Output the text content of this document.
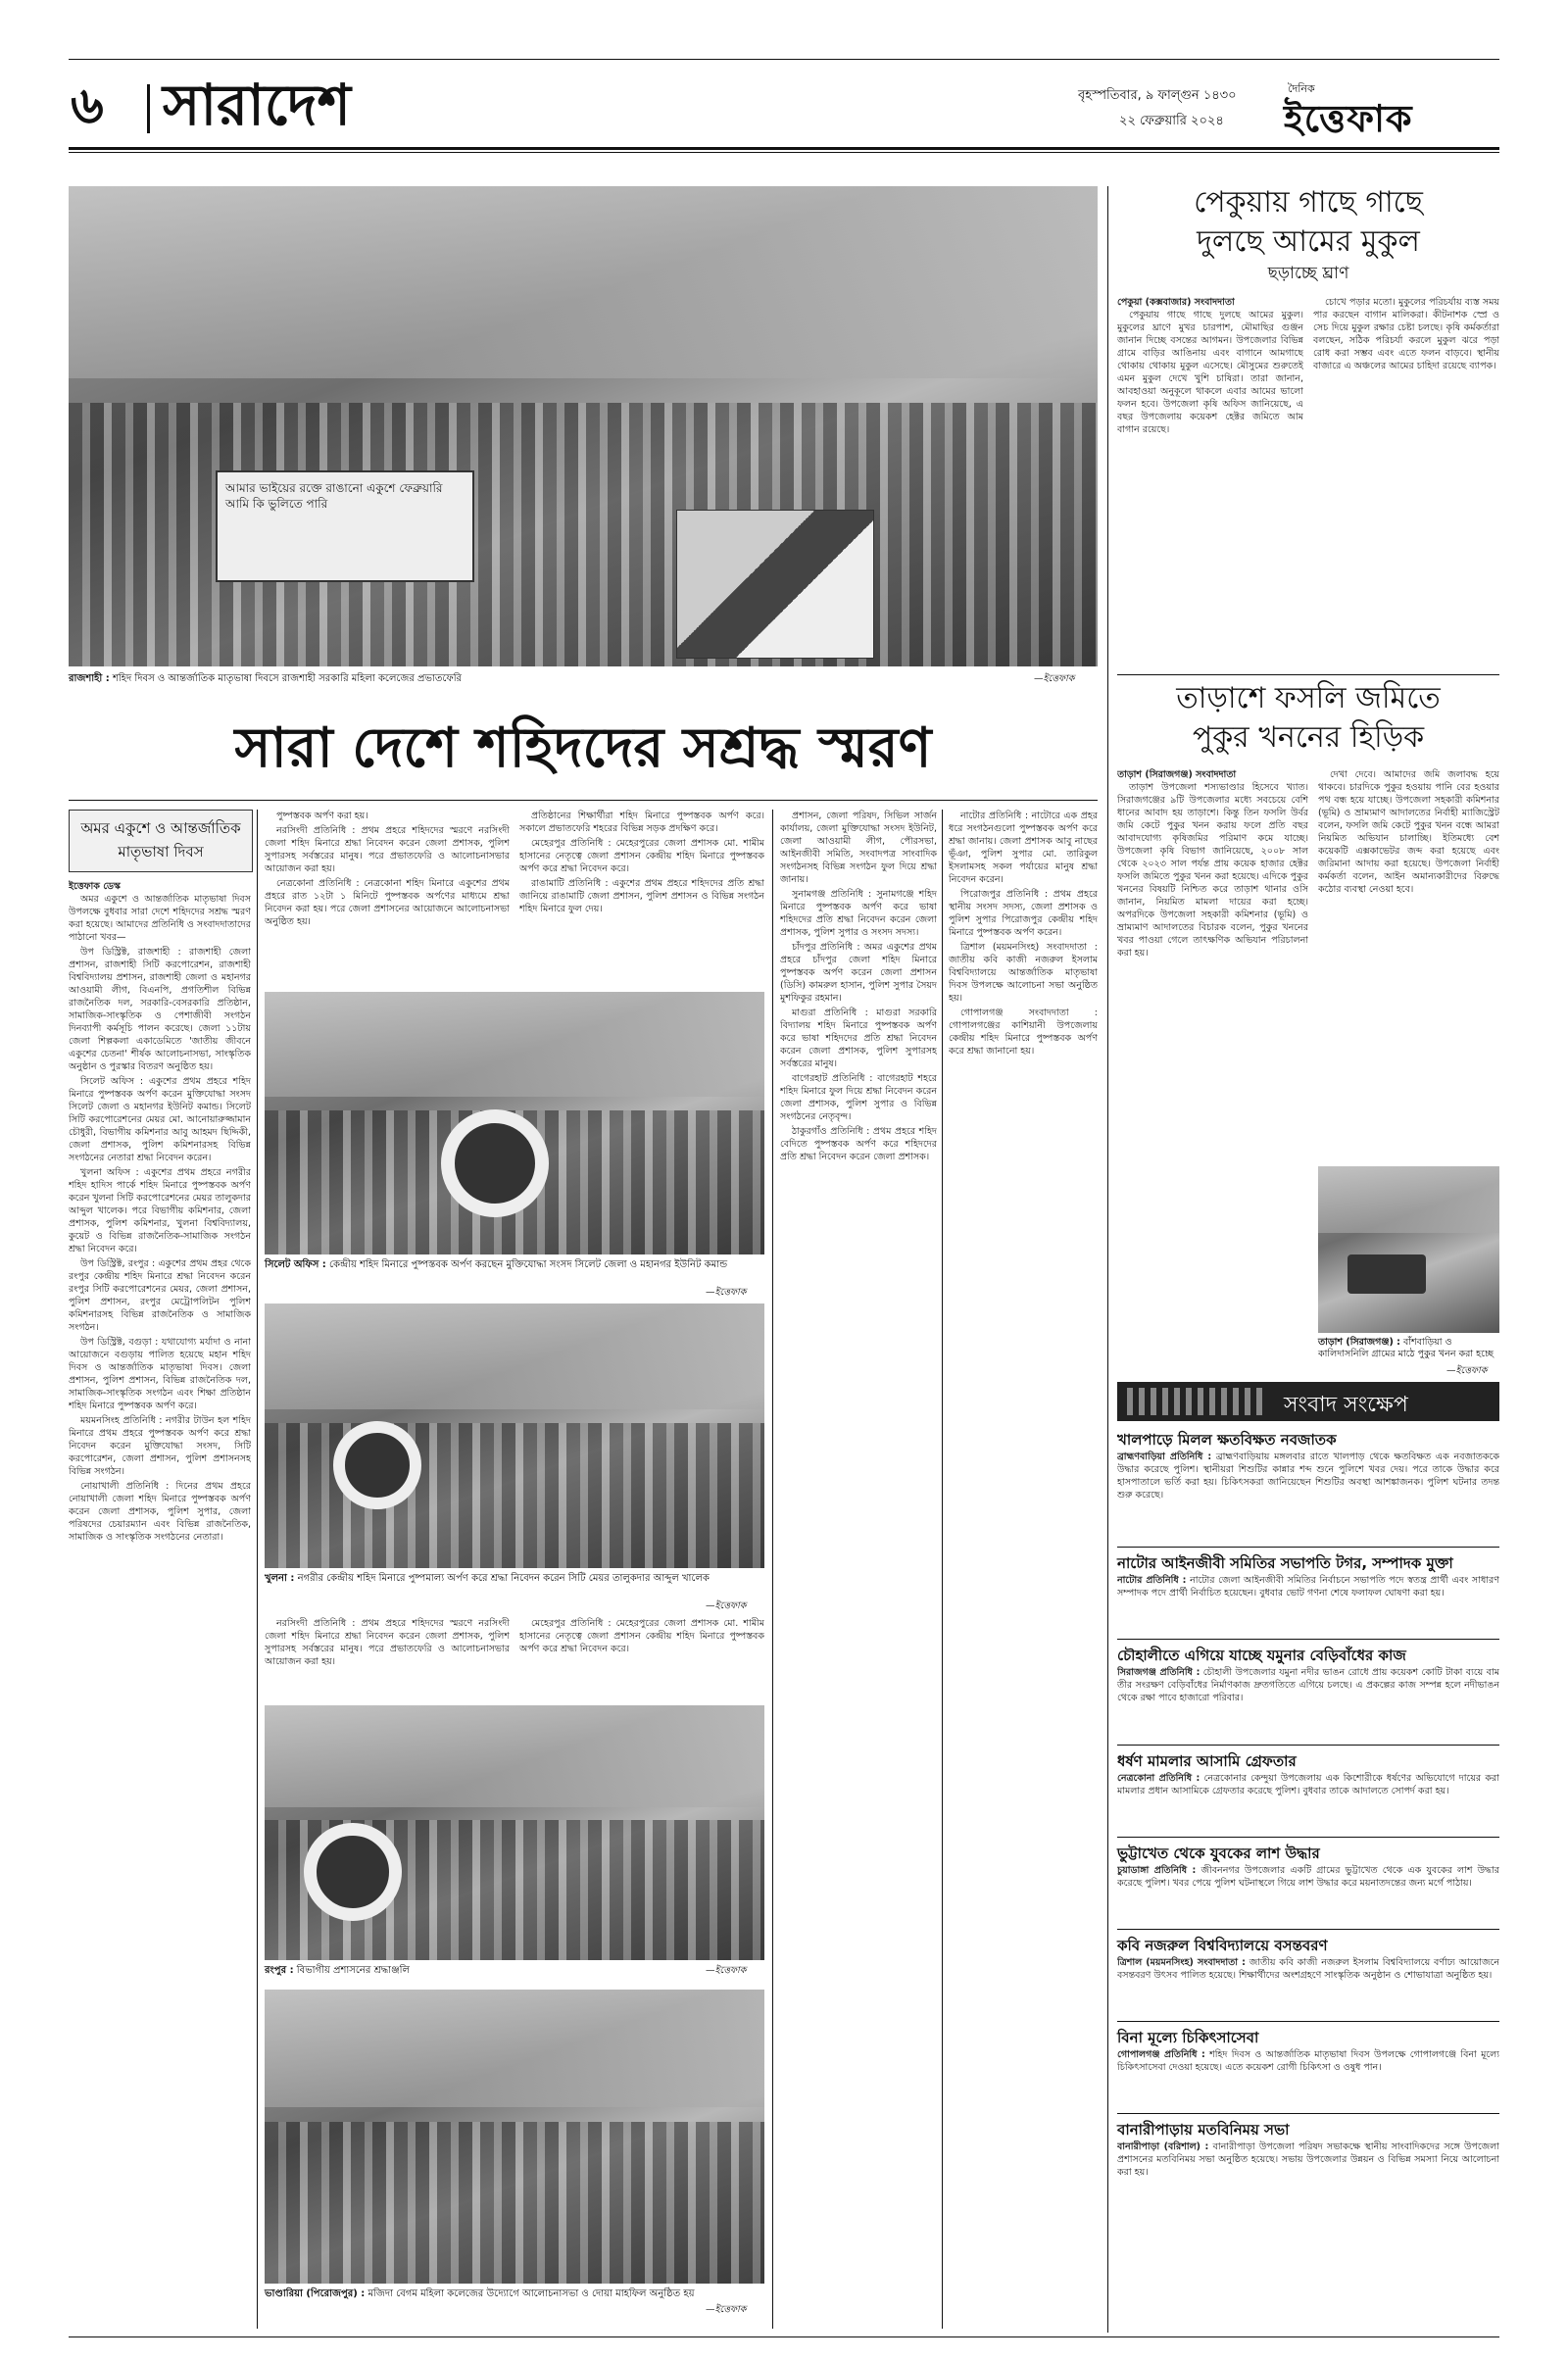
৬ সারাদেশ	বৃহস্পতিবার, ৯ ফাল্গুন ১৪৩০
২২ ফেব্রুয়ারি ২০২৪
দৈনিক
ইত্তেফাক
আমার ভাইয়ের রক্তে রাঙানো একুশে ফেব্রুয়ারি আমি কি ভুলিতে পারি
রাজশাহী : শহিদ দিবস ও আন্তর্জাতিক মাতৃভাষা দিবসে রাজশাহী সরকারি মহিলা কলেজের প্রভাতফেরি	—ইত্তেফাক
সারা দেশে শহিদদের সশ্রদ্ধ স্মরণ
অমর একুশে ও আন্তর্জাতিক মাতৃভাষা দিবস
ইত্তেফাক ডেস্ক

অমর একুশে ও আন্তর্জাতিক মাতৃভাষা দিবস উপলক্ষে বুধবার সারা দেশে শহিদদের সশ্রদ্ধ স্মরণ করা হয়েছে। আমাদের প্রতিনিধি ও সংবাদদাতাদের পাঠানো খবর—

উপ ডিস্ট্রিক্ট, রাজশাহী : রাজশাহী জেলা প্রশাসন, রাজশাহী সিটি করপোরেশন, রাজশাহী বিশ্ববিদ্যালয় প্রশাসন, রাজশাহী জেলা ও মহানগর আওয়ামী লীগ, বিএনপি, প্রগতিশীল বিভিন্ন রাজনৈতিক দল, সরকারি-বেসরকারি প্রতিষ্ঠান, সামাজিক-সাংস্কৃতিক ও পেশাজীবী সংগঠন দিনব্যাপী কর্মসূচি পালন করেছে। জেলা ১১টায় জেলা শিল্পকলা একাডেমিতে 'জাতীয় জীবনে একুশের চেতনা' শীর্ষক আলোচনাসভা, সাংস্কৃতিক অনুষ্ঠান ও পুরস্কার বিতরণ অনুষ্ঠিত হয়।

সিলেট অফিস : একুশের প্রথম প্রহরে শহিদ মিনারে পুষ্পস্তবক অর্পণ করেন মুক্তিযোদ্ধা সংসদ সিলেট জেলা ও মহানগর ইউনিট কমান্ড। সিলেট সিটি করপোরেশনের মেয়র মো. আনোয়ারুজ্জামান চৌধুরী, বিভাগীয় কমিশনার আবু আহমদ ছিদ্দিকী, জেলা প্রশাসক, পুলিশ কমিশনারসহ বিভিন্ন সংগঠনের নেতারা শ্রদ্ধা নিবেদন করেন।

খুলনা অফিস : একুশের প্রথম প্রহরে নগরীর শহিদ হাদিস পার্কে শহিদ মিনারে পুষ্পস্তবক অর্পণ করেন খুলনা সিটি করপোরেশনের মেয়র তালুকদার আব্দুল খালেক। পরে বিভাগীয় কমিশনার, জেলা প্রশাসক, পুলিশ কমিশনার, খুলনা বিশ্ববিদ্যালয়, কুয়েট ও বিভিন্ন রাজনৈতিক-সামাজিক সংগঠন শ্রদ্ধা নিবেদন করে।

উপ ডিস্ট্রিক্ট, রংপুর : একুশের প্রথম প্রহর থেকে রংপুর কেন্দ্রীয় শহিদ মিনারে শ্রদ্ধা নিবেদন করেন রংপুর সিটি করপোরেশনের মেয়র, জেলা প্রশাসন, পুলিশ প্রশাসন, রংপুর মেট্রোপলিটন পুলিশ কমিশনারসহ বিভিন্ন রাজনৈতিক ও সামাজিক সংগঠন।

উপ ডিস্ট্রিক্ট, বগুড়া : যথাযোগ্য মর্যাদা ও নানা আয়োজনে বগুড়ায় পালিত হয়েছে মহান শহিদ দিবস ও আন্তর্জাতিক মাতৃভাষা দিবস। জেলা প্রশাসন, পুলিশ প্রশাসন, বিভিন্ন রাজনৈতিক দল, সামাজিক-সাংস্কৃতিক সংগঠন এবং শিক্ষা প্রতিষ্ঠান শহিদ মিনারে পুষ্পস্তবক অর্পণ করে।

ময়মনসিংহ প্রতিনিধি : নগরীর টাউন হল শহিদ মিনারে প্রথম প্রহরে পুষ্পস্তবক অর্পণ করে শ্রদ্ধা নিবেদন করেন মুক্তিযোদ্ধা সংসদ, সিটি করপোরেশন, জেলা প্রশাসন, পুলিশ প্রশাসনসহ বিভিন্ন সংগঠন।

নোয়াখালী প্রতিনিধি : দিনের প্রথম প্রহরে নোয়াখালী জেলা শহিদ মিনারে পুষ্পস্তবক অর্পণ করেন জেলা প্রশাসক, পুলিশ সুপার, জেলা পরিষদের চেয়ারম্যান এবং বিভিন্ন রাজনৈতিক, সামাজিক ও সাংস্কৃতিক সংগঠনের নেতারা।

পুষ্পস্তবক অর্পণ করা হয়।

নরসিংদী প্রতিনিধি : প্রথম প্রহরে শহিদদের স্মরণে নরসিংদী জেলা শহিদ মিনারে শ্রদ্ধা নিবেদন করেন জেলা প্রশাসক, পুলিশ সুপারসহ সর্বস্তরের মানুষ। পরে প্রভাতফেরি ও আলোচনাসভার আয়োজন করা হয়।

নেত্রকোনা প্রতিনিধি : নেত্রকোনা শহিদ মিনারে একুশের প্রথম প্রহরে রাত ১২টা ১ মিনিটে পুষ্পস্তবক অর্পণের মাধ্যমে শ্রদ্ধা নিবেদন করা হয়। পরে জেলা প্রশাসনের আয়োজনে আলোচনাসভা অনুষ্ঠিত হয়।

প্রতিষ্ঠানের শিক্ষার্থীরা শহিদ মিনারে পুষ্পস্তবক অর্পণ করে। সকালে প্রভাতফেরি শহরের বিভিন্ন সড়ক প্রদক্ষিণ করে।

মেহেরপুর প্রতিনিধি : মেহেরপুরের জেলা প্রশাসক মো. শামীম হাসানের নেতৃত্বে জেলা প্রশাসন কেন্দ্রীয় শহিদ মিনারে পুষ্পস্তবক অর্পণ করে শ্রদ্ধা নিবেদন করে।

রাঙামাটি প্রতিনিধি : একুশের প্রথম প্রহরে শহিদদের প্রতি শ্রদ্ধা জানিয়ে রাঙামাটি জেলা প্রশাসন, পুলিশ প্রশাসন ও বিভিন্ন সংগঠন শহিদ মিনারে ফুল দেয়।

সিলেট অফিস : কেন্দ্রীয় শহিদ মিনারে পুষ্পস্তবক অর্পণ করছেন মুক্তিযোদ্ধা সংসদ সিলেট জেলা ও মহানগর ইউনিট কমান্ড
—ইত্তেফাক
খুলনা : নগরীর কেন্দ্রীয় শহিদ মিনারে পুষ্পমাল্য অর্পণ করে শ্রদ্ধা নিবেদন করেন সিটি মেয়র তালুকদার আব্দুল খালেক
—ইত্তেফাক

নরসিংদী প্রতিনিধি : প্রথম প্রহরে শহিদদের স্মরণে নরসিংদী জেলা শহিদ মিনারে শ্রদ্ধা নিবেদন করেন জেলা প্রশাসক, পুলিশ সুপারসহ সর্বস্তরের মানুষ। পরে প্রভাতফেরি ও আলোচনাসভার আয়োজন করা হয়।

মেহেরপুর প্রতিনিধি : মেহেরপুরের জেলা প্রশাসক মো. শামীম হাসানের নেতৃত্বে জেলা প্রশাসন কেন্দ্রীয় শহিদ মিনারে পুষ্পস্তবক অর্পণ করে শ্রদ্ধা নিবেদন করে।

রংপুর : বিভাগীয় প্রশাসনের শ্রদ্ধাঞ্জলি	—ইত্তেফাক
ভাণ্ডারিয়া (পিরোজপুর) : মজিদা বেগম মহিলা কলেজের উদ্যোগে আলোচনাসভা ও দোয়া মাহফিল অনুষ্ঠিত হয়
—ইত্তেফাক

প্রশাসন, জেলা পরিষদ, সিভিল সার্জন কার্যালয়, জেলা মুক্তিযোদ্ধা সংসদ ইউনিট, জেলা আওয়ামী লীগ, পৌরসভা, আইনজীবী সমিতি, সংবাদপত্র সাংবাদিক সংগঠনসহ বিভিন্ন সংগঠন ফুল দিয়ে শ্রদ্ধা জানায়।

সুনামগঞ্জ প্রতিনিধি : সুনামগঞ্জে শহিদ মিনারে পুষ্পস্তবক অর্পণ করে ভাষা শহিদদের প্রতি শ্রদ্ধা নিবেদন করেন জেলা প্রশাসক, পুলিশ সুপার ও সংসদ সদস্য।

চাঁদপুর প্রতিনিধি : অমর একুশের প্রথম প্রহরে চাঁদপুর জেলা শহিদ মিনারে পুষ্পস্তবক অর্পণ করেন জেলা প্রশাসন (ডিসি) কামরুল হাসান, পুলিশ সুপার সৈয়দ মুশফিকুর রহমান।

মাগুরা প্রতিনিধি : মাগুরা সরকারি বিদ্যালয় শহিদ মিনারে পুষ্পস্তবক অর্পণ করে ভাষা শহিদদের প্রতি শ্রদ্ধা নিবেদন করেন জেলা প্রশাসক, পুলিশ সুপারসহ সর্বস্তরের মানুষ।

বাগেরহাট প্রতিনিধি : বাগেরহাট শহরে শহিদ মিনারে ফুল দিয়ে শ্রদ্ধা নিবেদন করেন জেলা প্রশাসক, পুলিশ সুপার ও বিভিন্ন সংগঠনের নেতৃবৃন্দ।

ঠাকুরগাঁও প্রতিনিধি : প্রথম প্রহরে শহিদ বেদিতে পুষ্পস্তবক অর্পণ করে শহিদদের প্রতি শ্রদ্ধা নিবেদন করেন জেলা প্রশাসক।

নাটোর প্রতিনিধি : নাটোরে এক প্রহর ধরে সংগঠনগুলো পুষ্পস্তবক অর্পণ করে শ্রদ্ধা জানায়। জেলা প্রশাসক আবু নাছের ভূঁঞা, পুলিশ সুপার মো. তারিকুল ইসলামসহ সকল পর্যায়ের মানুষ শ্রদ্ধা নিবেদন করেন।

পিরোজপুর প্রতিনিধি : প্রথম প্রহরে স্থানীয় সংসদ সদস্য, জেলা প্রশাসক ও পুলিশ সুপার পিরোজপুর কেন্দ্রীয় শহিদ মিনারে পুষ্পস্তবক অর্পণ করেন।

ত্রিশাল (ময়মনসিংহ) সংবাদদাতা : জাতীয় কবি কাজী নজরুল ইসলাম বিশ্ববিদ্যালয়ে আন্তর্জাতিক মাতৃভাষা দিবস উপলক্ষে আলোচনা সভা অনুষ্ঠিত হয়।

গোপালগঞ্জ সংবাদদাতা : গোপালগঞ্জের কাশিয়ানী উপজেলায় কেন্দ্রীয় শহিদ মিনারে পুষ্পস্তবক অর্পণ করে শ্রদ্ধা জানানো হয়।

পেকুয়ায় গাছে গাছে
দুলছে আমের মুকুল
ছড়াচ্ছে ঘ্রাণ
পেকুয়া (কক্সবাজার) সংবাদদাতা

পেকুয়ায় গাছে গাছে দুলছে আমের মুকুল। মুকুলের ঘ্রাণে মুখর চারপাশ, মৌমাছির গুঞ্জন জানান দিচ্ছে বসন্তের আগমন। উপজেলার বিভিন্ন গ্রামে বাড়ির আঙিনায় এবং বাগানে আমগাছে থোকায় থোকায় মুকুল এসেছে। মৌসুমের শুরুতেই এমন মুকুল দেখে খুশি চাষিরা। তারা জানান, আবহাওয়া অনুকূলে থাকলে এবার আমের ভালো ফলন হবে। উপজেলা কৃষি অফিস জানিয়েছে, এ বছর উপজেলায় কয়েকশ হেক্টর জমিতে আম বাগান রয়েছে।

চোখে পড়ার মতো। মুকুলের পরিচর্যায় ব্যস্ত সময় পার করছেন বাগান মালিকরা। কীটনাশক স্প্রে ও সেচ দিয়ে মুকুল রক্ষার চেষ্টা চলছে। কৃষি কর্মকর্তারা বলছেন, সঠিক পরিচর্যা করলে মুকুল ঝরে পড়া রোধ করা সম্ভব এবং এতে ফলন বাড়বে। স্থানীয় বাজারে এ অঞ্চলের আমের চাহিদা রয়েছে ব্যাপক।

তাড়াশে ফসলি জমিতে
পুকুর খননের হিড়িক
তাড়াশ (সিরাজগঞ্জ) সংবাদদাতা

তাড়াশ উপজেলা শস্যভাণ্ডার হিসেবে খ্যাত। সিরাজগঞ্জের ৯টি উপজেলার মধ্যে সবচেয়ে বেশি ধানের আবাদ হয় তাড়াশে। কিন্তু তিন ফসলি উর্বর জমি কেটে পুকুর খনন করায় ফলে প্রতি বছর আবাদযোগ্য কৃষিজমির পরিমাণ কমে যাচ্ছে। উপজেলা কৃষি বিভাগ জানিয়েছে, ২০০৮ সাল থেকে ২০২৩ সাল পর্যন্ত প্রায় কয়েক হাজার হেক্টর ফসলি জমিতে পুকুর খনন করা হয়েছে। এদিকে পুকুর খননের বিষয়টি নিশ্চিত করে তাড়াশ থানার ওসি জানান, নিয়মিত মামলা দায়ের করা হচ্ছে। অপরদিকে উপজেলা সহকারী কমিশনার (ভূমি) ও ভ্রাম্যমাণ আদালতের বিচারক বলেন, পুকুর খননের খবর পাওয়া গেলে তাৎক্ষণিক অভিযান পরিচালনা করা হয়।

দেখা দেবে। আমাদের জমি জলাবদ্ধ হয়ে থাকবে। চারদিকে পুকুর হওয়ায় পানি বের হওয়ার পথ বন্ধ হয়ে যাচ্ছে। উপজেলা সহকারী কমিশনার (ভূমি) ও ভ্রাম্যমাণ আদালতের নির্বাহী ম্যাজিস্ট্রেট বলেন, ফসলি জমি কেটে পুকুর খনন বন্ধে আমরা নিয়মিত অভিযান চালাচ্ছি। ইতিমধ্যে বেশ কয়েকটি এক্সকাভেটর জব্দ করা হয়েছে এবং জরিমানা আদায় করা হয়েছে। উপজেলা নির্বাহী কর্মকর্তা বলেন, আইন অমান্যকারীদের বিরুদ্ধে কঠোর ব্যবস্থা নেওয়া হবে।

তাড়াশ (সিরাজগঞ্জ) : বাঁশবাড়িয়া ও কালিদাসনিলি গ্রামের মাঠে পুকুর খনন করা হচ্ছে
—ইত্তেফাক
সংবাদ সংক্ষেপ
খালপাড়ে মিলল ক্ষতবিক্ষত নবজাতক
ব্রাহ্মণবাড়িয়া প্রতিনিধি : ব্রাহ্মণবাড়িয়ায় মঙ্গলবার রাতে খালপাড় থেকে ক্ষতবিক্ষত এক নবজাতককে উদ্ধার করেছে পুলিশ। স্থানীয়রা শিশুটির কান্নার শব্দ শুনে পুলিশে খবর দেয়। পরে তাকে উদ্ধার করে হাসপাতালে ভর্তি করা হয়। চিকিৎসকরা জানিয়েছেন শিশুটির অবস্থা আশঙ্কাজনক। পুলিশ ঘটনার তদন্ত শুরু করেছে।
নাটোর আইনজীবী সমিতির সভাপতি টগর, সম্পাদক মুক্তা
নাটোর প্রতিনিধি : নাটোর জেলা আইনজীবী সমিতির নির্বাচনে সভাপতি পদে স্বতন্ত্র প্রার্থী এবং সাধারণ সম্পাদক পদে প্রার্থী নির্বাচিত হয়েছেন। বুধবার ভোট গণনা শেষে ফলাফল ঘোষণা করা হয়।
চৌহালীতে এগিয়ে যাচ্ছে যমুনার বেড়িবাঁধের কাজ
সিরাজগঞ্জ প্রতিনিধি : চৌহালী উপজেলার যমুনা নদীর ভাঙন রোধে প্রায় কয়েকশ কোটি টাকা ব্যয়ে বাম তীর সংরক্ষণ বেড়িবাঁধের নির্মাণকাজ দ্রুতগতিতে এগিয়ে চলছে। এ প্রকল্পের কাজ সম্পন্ন হলে নদীভাঙন থেকে রক্ষা পাবে হাজারো পরিবার।
ধর্ষণ মামলার আসামি গ্রেফতার
নেত্রকোনা প্রতিনিধি : নেত্রকোনার কেন্দুয়া উপজেলায় এক কিশোরীকে ধর্ষণের অভিযোগে দায়ের করা মামলার প্রধান আসামিকে গ্রেফতার করেছে পুলিশ। বুধবার তাকে আদালতে সোপর্দ করা হয়।
ভুট্টাখেত থেকে যুবকের লাশ উদ্ধার
চুয়াডাঙ্গা প্রতিনিধি : জীবননগর উপজেলার একটি গ্রামের ভুট্টাখেত থেকে এক যুবকের লাশ উদ্ধার করেছে পুলিশ। খবর পেয়ে পুলিশ ঘটনাস্থলে গিয়ে লাশ উদ্ধার করে ময়নাতদন্তের জন্য মর্গে পাঠায়।
কবি নজরুল বিশ্ববিদ্যালয়ে বসন্তবরণ
ত্রিশাল (ময়মনসিংহ) সংবাদদাতা : জাতীয় কবি কাজী নজরুল ইসলাম বিশ্ববিদ্যালয়ে বর্ণাঢ্য আয়োজনে বসন্তবরণ উৎসব পালিত হয়েছে। শিক্ষার্থীদের অংশগ্রহণে সাংস্কৃতিক অনুষ্ঠান ও শোভাযাত্রা অনুষ্ঠিত হয়।
বিনা মূল্যে চিকিৎসাসেবা
গোপালগঞ্জ প্রতিনিধি : শহিদ দিবস ও আন্তর্জাতিক মাতৃভাষা দিবস উপলক্ষে গোপালগঞ্জে বিনা মূল্যে চিকিৎসাসেবা দেওয়া হয়েছে। এতে কয়েকশ রোগী চিকিৎসা ও ওষুধ পান।
বানারীপাড়ায় মতবিনিময় সভা
বানারীপাড়া (বরিশাল) : বানারীপাড়া উপজেলা পরিষদ সভাকক্ষে স্থানীয় সাংবাদিকদের সঙ্গে উপজেলা প্রশাসনের মতবিনিময় সভা অনুষ্ঠিত হয়েছে। সভায় উপজেলার উন্নয়ন ও বিভিন্ন সমস্যা নিয়ে আলোচনা করা হয়।
